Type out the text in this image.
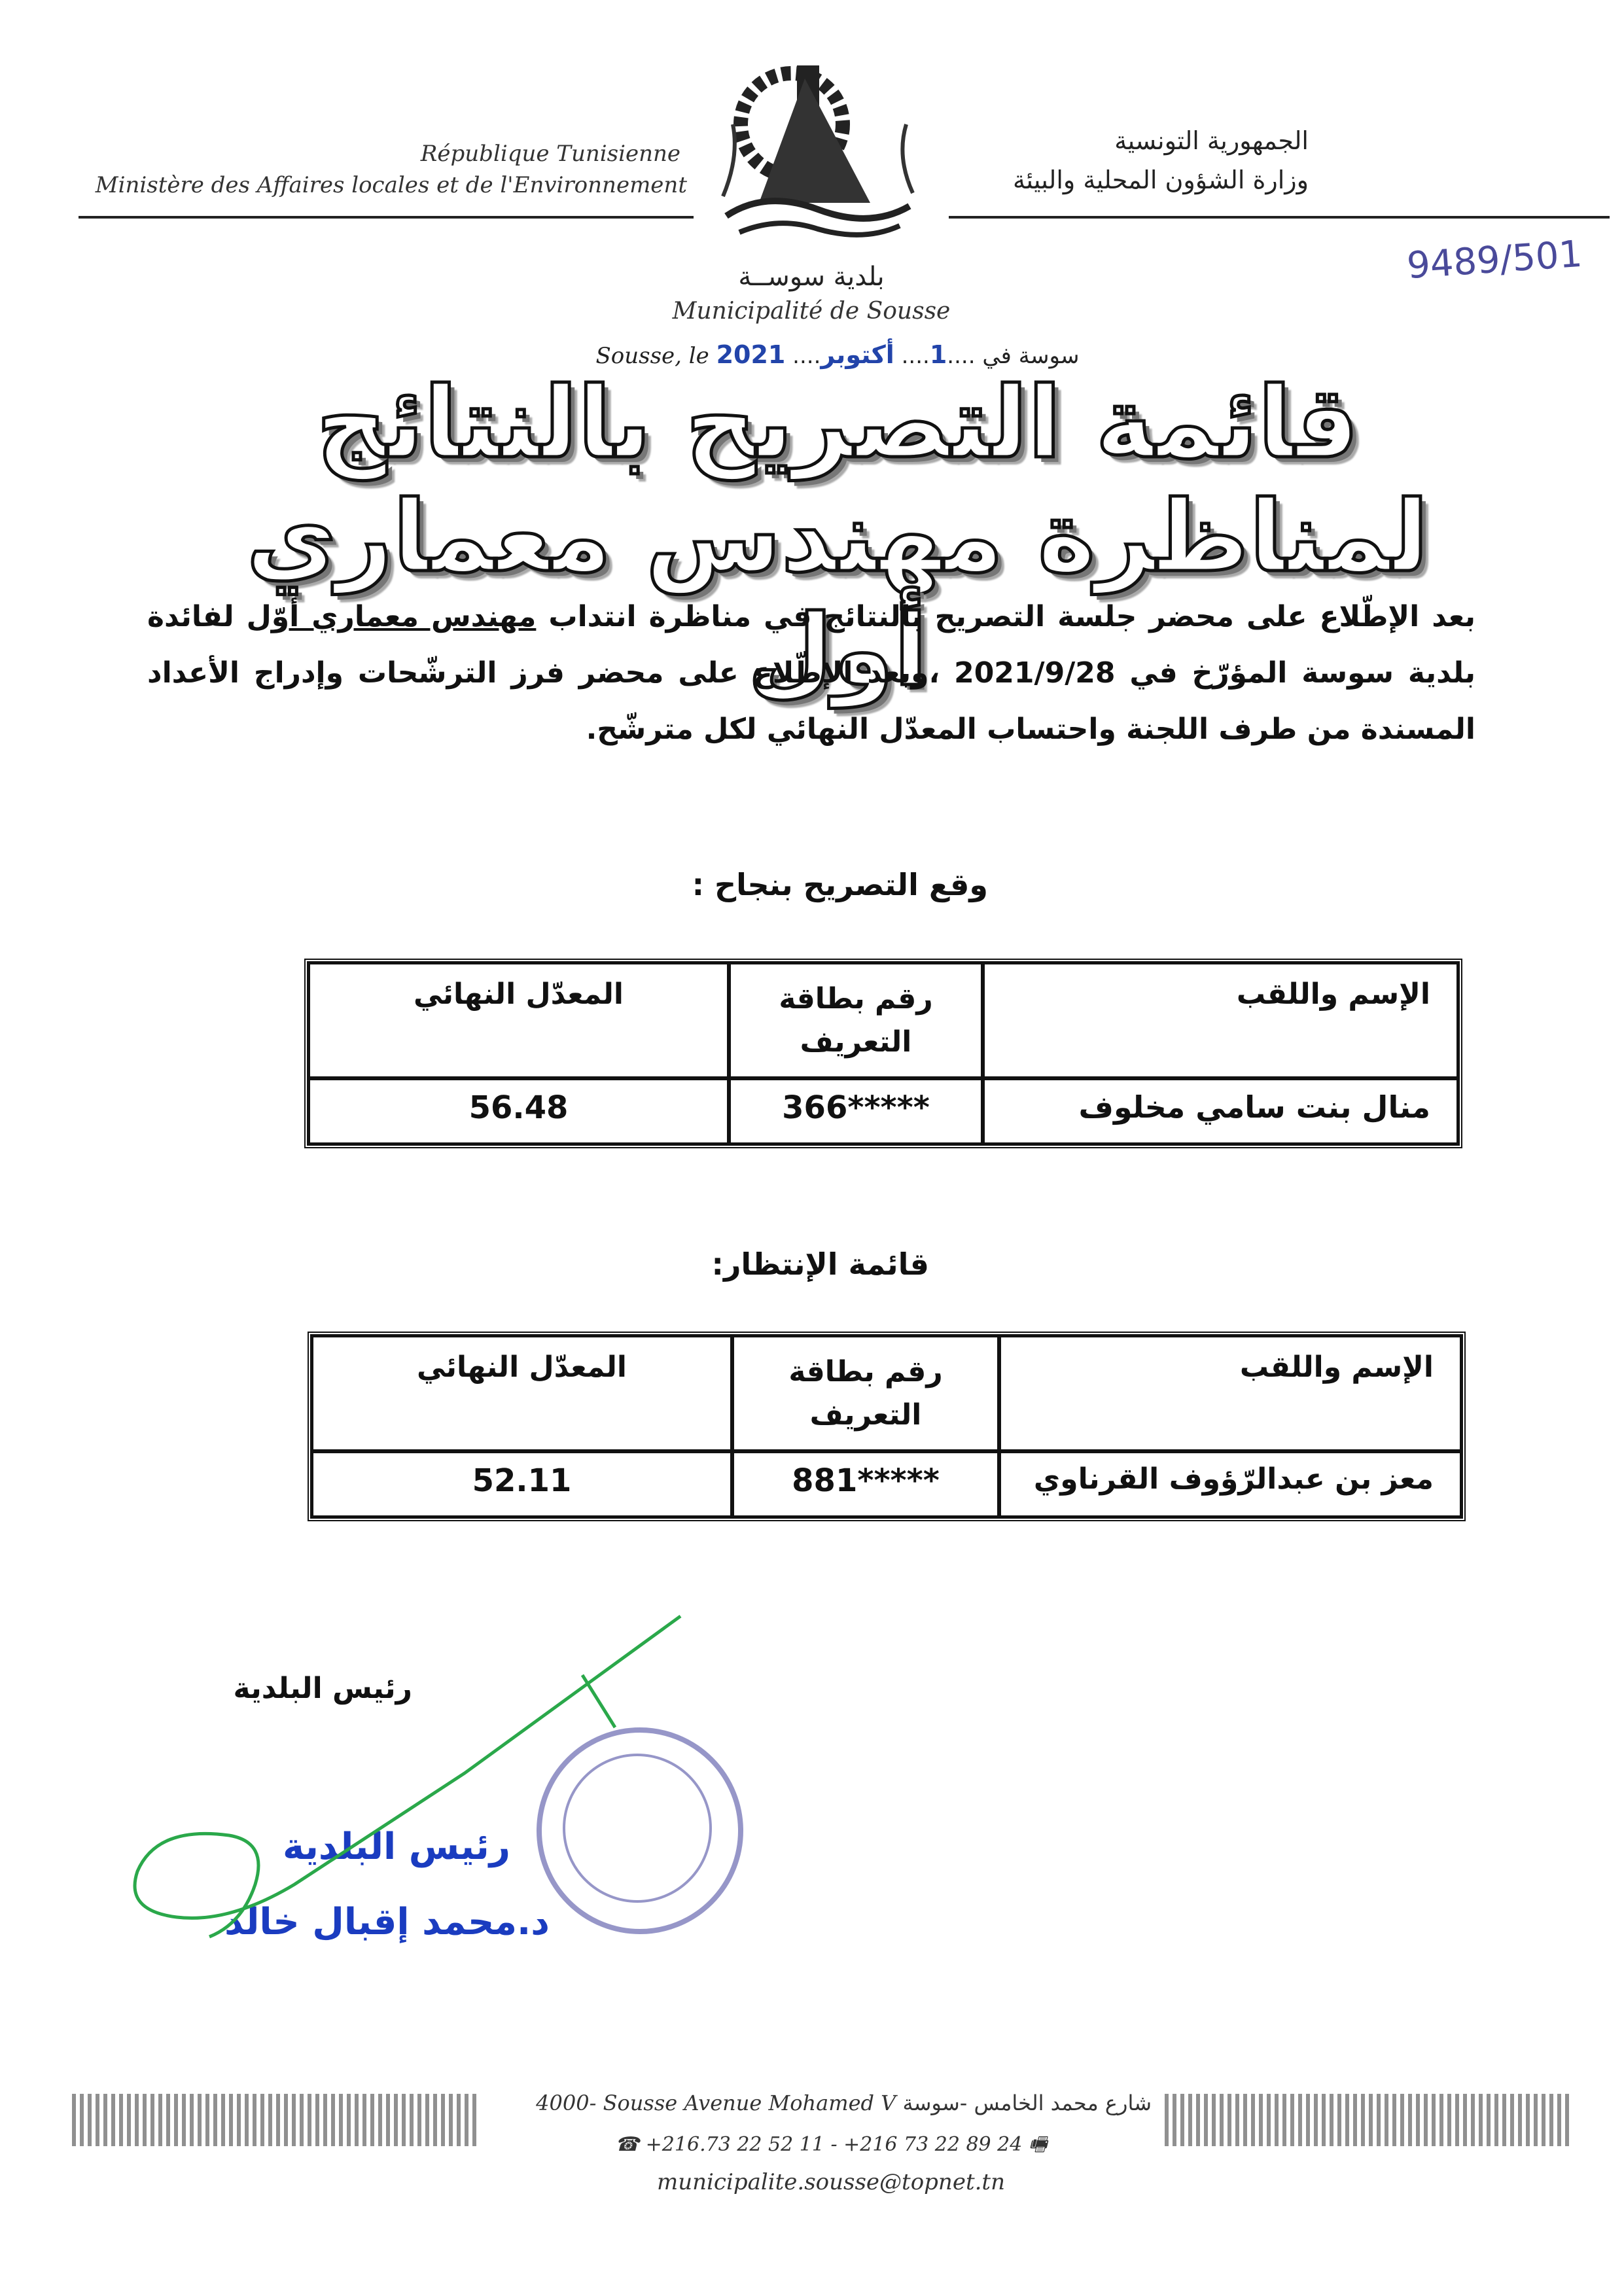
République Tunisienne
Ministère des Affaires locales et de l'Environnement
الجمهورية التونسية
وزارة الشؤون المحلية والبيئة
9489/501
بلدية سوســة
Municipalité de Sousse
سوسة في ....1.... أكتوبر.... 2021 Sousse, le
قائمة التصريح بالنتائج لمناظرة مهندس معماري أول
بعد الإطّلاع على محضر جلسة التصريح بالنتائج في مناظرة انتداب مهندس معماري أوّل لفائدة بلدية سوسة المؤرّخ في 2021/9/28 ،وبعد الإطّلاع على محضر فرز الترشّحات وإدراج الأعداد المسندة من طرف اللجنة واحتساب المعدّل النهائي لكل مترشّح.
وقع التصريح بنجاح :
الإسم واللقب	رقم بطاقة التعريف	المعدّل النهائي
منال بنت سامي مخلوف	*****366	56.48
قائمة الإنتظار:
الإسم واللقب	رقم بطاقة التعريف	المعدّل النهائي
معز بن عبدالرّؤوف القرناوي	*****881	52.11
رئيس البلدية
رئيس البلدية
د.محمد إقبال خالد
شارع محمد الخامس -سوسة 4000- Sousse Avenue Mohamed V
☎ +216.73 22 52 11 - +216 73 22 89 24 🖷
municipalite.sousse@topnet.tn
